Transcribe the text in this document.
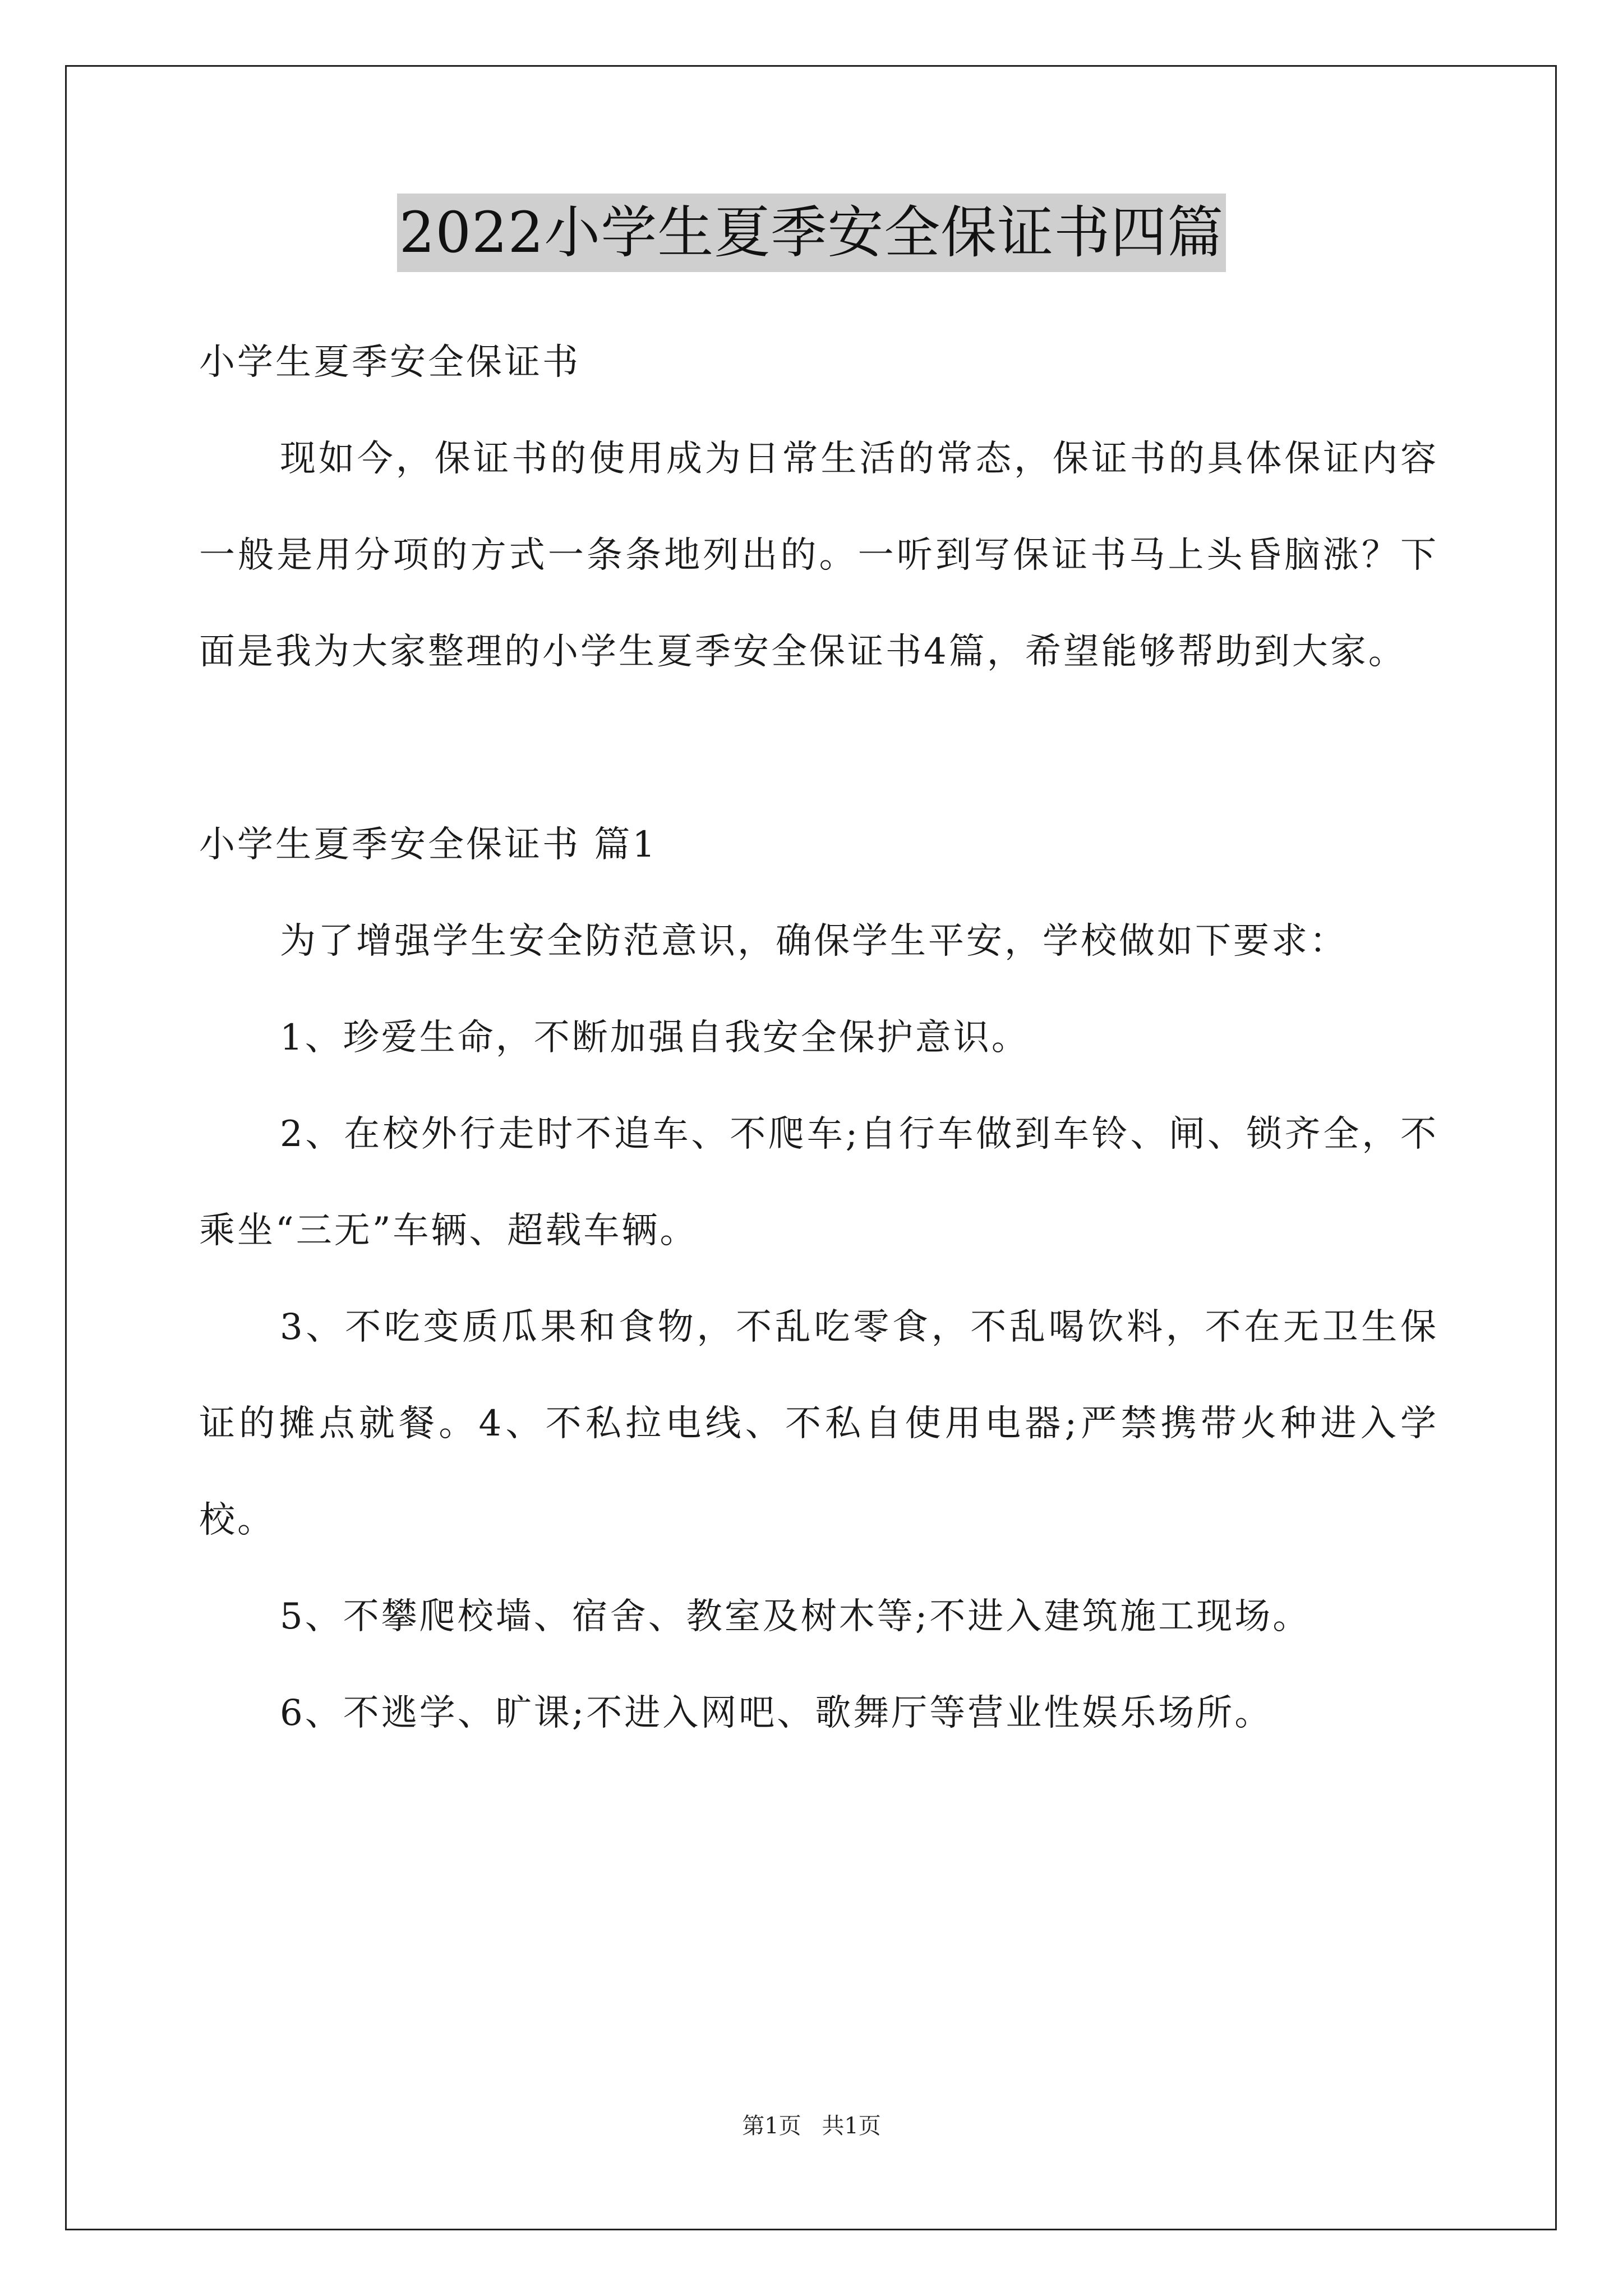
2022小学生夏季安全保证书四篇

小学生夏季安全保证书

现如今，保证书的使用成为日常生活的常态，保证书的具体保证内容一般是用分项的方式一条条地列出的。一听到写保证书马上头昏脑涨？下面是我为大家整理的小学生夏季安全保证书4篇，希望能够帮助到大家。

小学生夏季安全保证书 篇1

为了增强学生安全防范意识，确保学生平安，学校做如下要求：

1、珍爱生命，不断加强自我安全保护意识。

2、在校外行走时不追车、不爬车;自行车做到车铃、闸、锁齐全，不乘坐“三无”车辆、超载车辆。

3、不吃变质瓜果和食物，不乱吃零食，不乱喝饮料，不在无卫生保证的摊点就餐。4、不私拉电线、不私自使用电器;严禁携带火种进入学校。

5、不攀爬校墙、宿舍、教室及树木等;不进入建筑施工现场。

6、不逃学、旷课;不进入网吧、歌舞厅等营业性娱乐场所。

第1页 共1页
